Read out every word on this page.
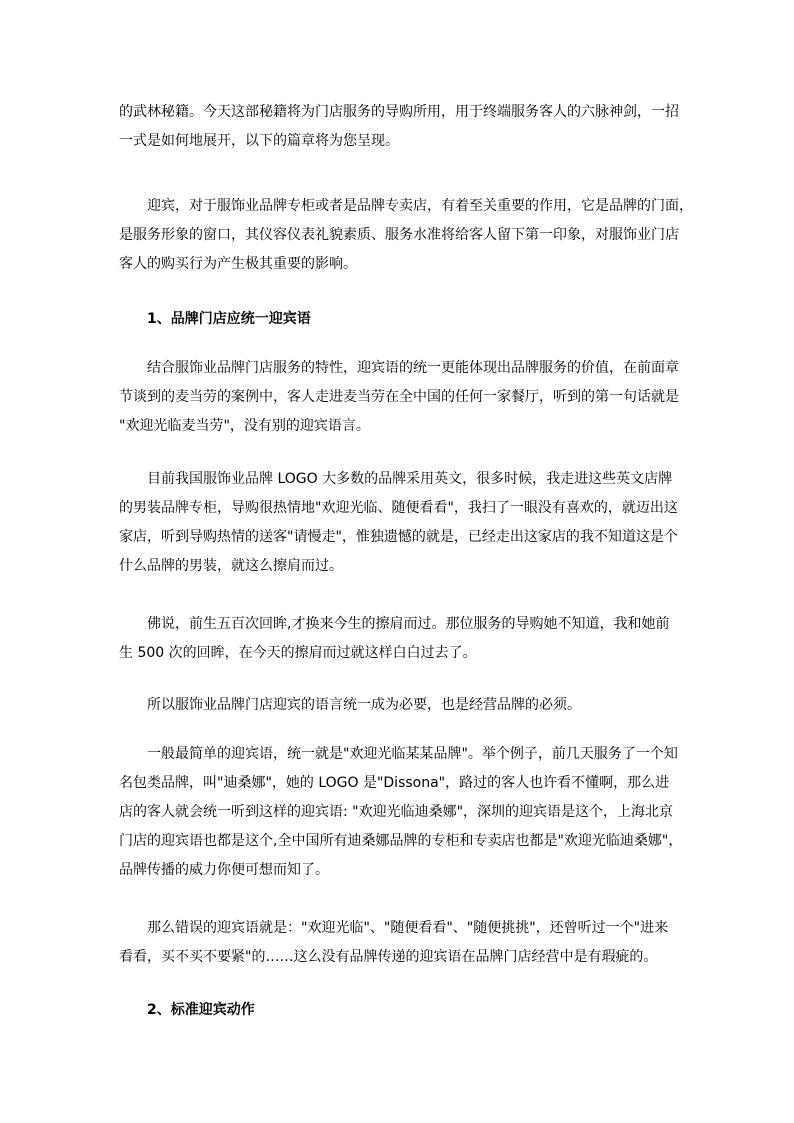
的武林秘籍。今天这部秘籍将为门店服务的导购所用，用于终端服务客人的六脉神剑，一招
一式是如何地展开，以下的篇章将为您呈现。

迎宾，对于服饰业品牌专柜或者是品牌专卖店，有着至关重要的作用，它是品牌的门面，
是服务形象的窗口，其仪容仪表礼貌素质、服务水准将给客人留下第一印象，对服饰业门店
客人的购买行为产生极其重要的影响。

1、品牌门店应统一迎宾语

结合服饰业品牌门店服务的特性，迎宾语的统一更能体现出品牌服务的价值，在前面章
节谈到的麦当劳的案例中，客人走进麦当劳在全中国的任何一家餐厅，听到的第一句话就是
"欢迎光临麦当劳"，没有别的迎宾语言。

目前我国服饰业品牌 LOGO 大多数的品牌采用英文，很多时候，我走进这些英文店牌
的男装品牌专柜，导购很热情地"欢迎光临、随便看看"，我扫了一眼没有喜欢的，就迈出这
家店，听到导购热情的送客"请慢走"，惟独遗憾的就是，已经走出这家店的我不知道这是个
什么品牌的男装，就这么擦肩而过。

佛说，前生五百次回眸,才换来今生的擦肩而过。那位服务的导购她不知道，我和她前
生 500 次的回眸，在今天的擦肩而过就这样白白过去了。

所以服饰业品牌门店迎宾的语言统一成为必要，也是经营品牌的必须。

一般最简单的迎宾语，统一就是"欢迎光临某某品牌"。举个例子，前几天服务了一个知
名包类品牌，叫"迪桑娜"，她的 LOGO 是"Dissona"，路过的客人也许看不懂啊，那么进
店的客人就会统一听到这样的迎宾语: "欢迎光临迪桑娜"，深圳的迎宾语是这个，上海北京
门店的迎宾语也都是这个,全中国所有迪桑娜品牌的专柜和专卖店也都是"欢迎光临迪桑娜"，
品牌传播的威力你便可想而知了。

那么错误的迎宾语就是："欢迎光临"、"随便看看"、"随便挑挑"，还曾听过一个"进来
看看，买不买不要紧"的……这么没有品牌传递的迎宾语在品牌门店经营中是有瑕疵的。

2、标准迎宾动作
